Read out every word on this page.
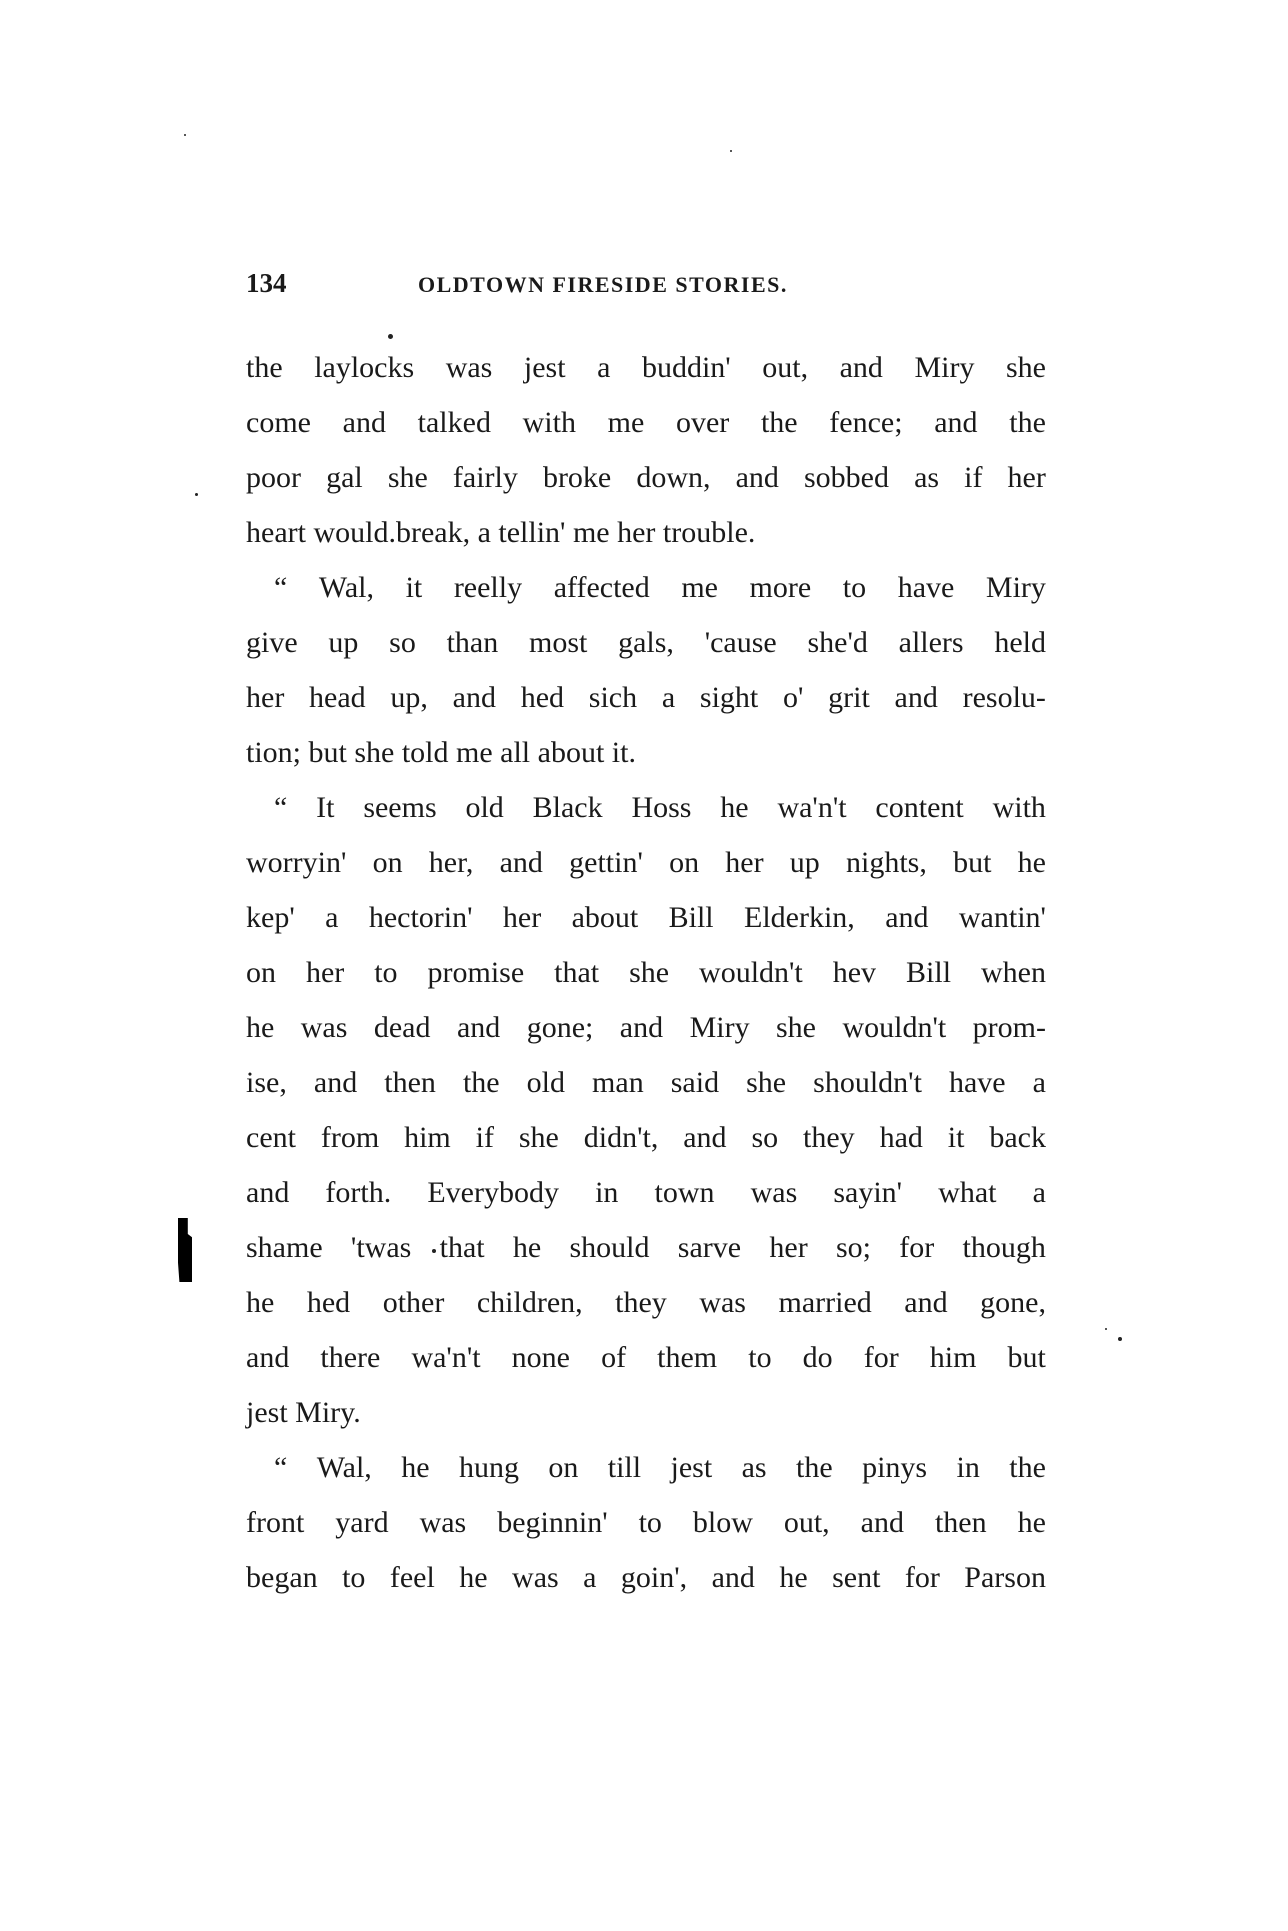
134	OLDTOWN FIRESIDE STORIES.
the laylocks was jest a buddin' out, and Miry she
come and talked with me over the fence; and the
poor gal she fairly broke down, and sobbed as if her
heart would.break, a tellin' me her trouble.
“ Wal, it reelly affected me more to have Miry
give up so than most gals, 'cause she'd allers held
her head up, and hed sich a sight o' grit and resolu-
tion; but she told me all about it.
“ It seems old Black Hoss he wa'n't content with
worryin' on her, and gettin' on her up nights, but he
kep' a hectorin' her about Bill Elderkin, and wantin'
on her to promise that she wouldn't hev Bill when
he was dead and gone; and Miry she wouldn't prom-
ise, and then the old man said she shouldn't have a
cent from him if she didn't, and so they had it back
and forth. Everybody in town was sayin' what a
shame 'twas that he should sarve her so; for though
he hed other children, they was married and gone,
and there wa'n't none of them to do for him but
jest Miry.
“ Wal, he hung on till jest as the pinys in the
front yard was beginnin' to blow out, and then he
began to feel he was a goin', and he sent for Parson
